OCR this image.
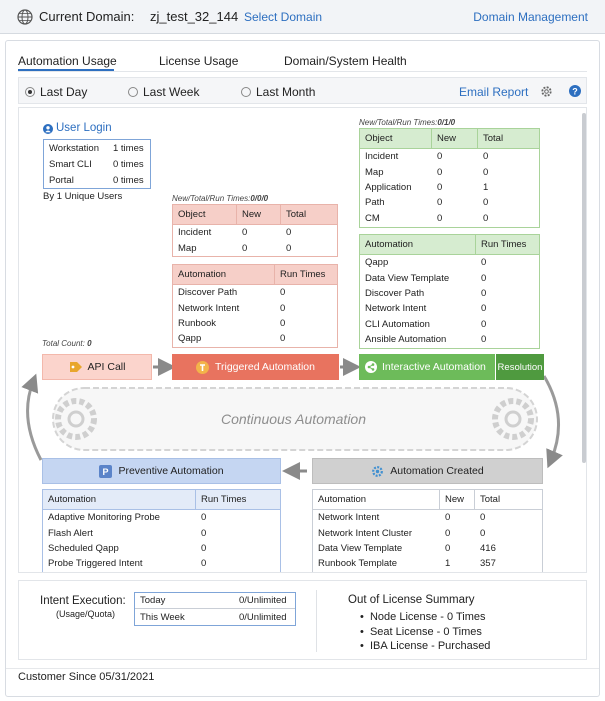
Current Domain: zj_test_32_144 Select Domain	Domain Management
Automation Usage	License Usage	Domain/System Health
Last Day	Last Week	Last Month	Email Report	?
User Login
Workstation	1 times
Smart CLI	0 times
Portal	0 times
By 1 Unique Users	New/Total/Run Times:0/0/0
Object	New	Total
Incident	0	0
Map	0	0
Automation	Run Times
Discover Path	0
Network Intent	0
Runbook	0
Qapp	0
New/Total/Run Times:0/1/0
Object	New	Total
Incident	0	0
Map	0	0
Application	0	1
Path	0	0
CM	0	0
Automation	Run Times
Qapp	0
Data View Template	0
Discover Path	0
Network Intent	0
CLI Automation	0
Ansible Automation	0
Total Count: 0
Continuous Automation
API Call	Triggered Automation	Interactive Automation Resolution
P Preventive Automation	Automation Created
Automation	Run Times
Adaptive Monitoring Probe	0
Flash Alert	0
Scheduled Qapp	0
Probe Triggered Intent	0
Automation	New	Total
Network Intent	0	0
Network Intent Cluster	0	0
Data View Template	0	416
Runbook Template	1	357
Intent Execution:
(Usage/Quota)
Today	0/Unlimited
This Week	0/Unlimited
Out of License Summary
•  Node License - 0 Times
•  Seat License - 0 Times
•  IBA License - Purchased
Customer Since 05/31/2021
